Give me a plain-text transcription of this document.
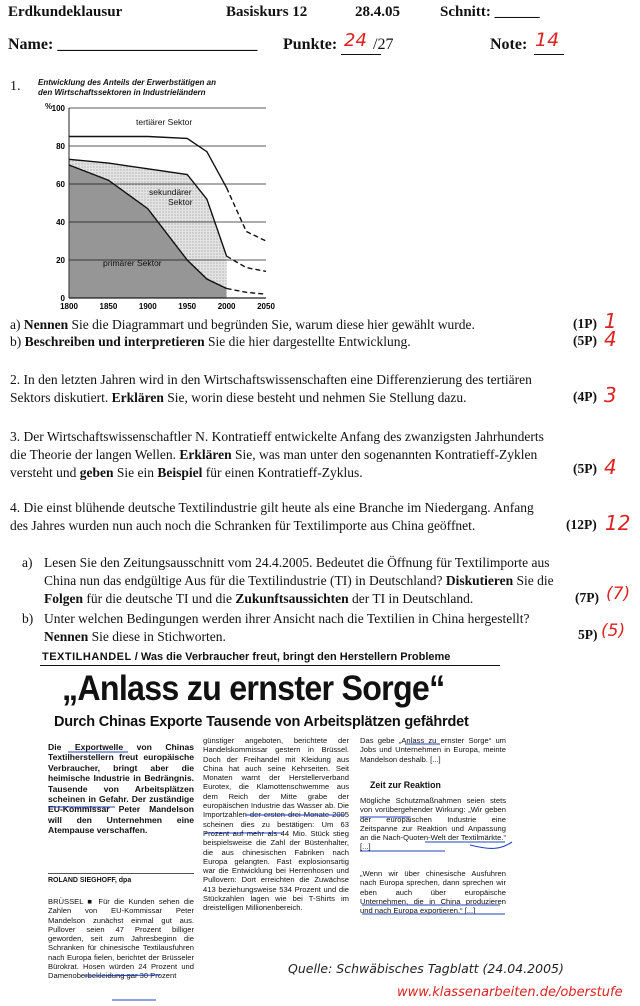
Erdkundeklausur	Basiskurs 12	28.4.05	Schnitt: ______
Name: _________________________ Punkte: 24 /27	Note: 14
1. Entwicklung des Anteils der Erwerbstätigen an
den Wirtschaftssektoren in Industrieländern
0
20
40
60
80
100
1800	1850	1900	1950	2000	2050
%
tertiärer Sektor
sekundärer
Sektor
primärer Sektor
a) Nennen Sie die Diagrammart und begründen Sie, warum diese hier gewählt wurde.	(1P) 1
b) Beschreiben und interpretieren Sie die hier dargestellte Entwicklung.	(5P) 4
2. In den letzten Jahren wird in den Wirtschaftswissenschaften eine Differenzierung des tertiären
Sektors diskutiert. Erklären Sie, worin diese besteht und nehmen Sie Stellung dazu.	(4P) 3
3. Der Wirtschaftswissenschaftler N. Kontratieff entwickelte Anfang des zwanzigsten Jahrhunderts
die Theorie der langen Wellen. Erklären Sie, was man unter den sogenannten Kontratieff-Zyklen
versteht und geben Sie ein Beispiel für einen Kontratieff-Zyklus.	(5P) 4
4. Die einst blühende deutsche Textilindustrie gilt heute als eine Branche im Niedergang. Anfang
des Jahres wurden nun auch noch die Schranken für Textilimporte aus China geöffnet.	(12P) 12
a) Lesen Sie den Zeitungsausschnitt vom 24.4.2005. Bedeutet die Öffnung für Textilimporte aus
China nun das endgültige Aus für die Textilindustrie (TI) in Deutschland? Diskutieren Sie die
Folgen für die deutsche TI und die Zukunftsaussichten der TI in Deutschland.	(7P) (7)
b) Unter welchen Bedingungen werden ihrer Ansicht nach die Textilien in China hergestellt?
Nennen Sie diese in Stichworten.	5P) (5)
TEXTILHANDEL / Was die Verbraucher freut, bringt den Herstellern Probleme
„Anlass zu ernster Sorge“
Durch Chinas Exporte Tausende von Arbeitsplätzen gefährdet
Die Exportwelle von Chinas Textilherstellern freut europäische Verbraucher, bringt aber die heimische Industrie in Bedrängnis. Tausende von Arbeitsplätzen scheinen in Gefahr. Der zuständige EU-Kommissar Peter Mandelson will den Unternehmen eine Atempause verschaffen.
ROLAND SIEGHOFF, dpa
BRÜSSEL ■ Für die Kunden sehen die Zahlen von EU-Kommissar Peter Mandelson zunächst einmal gut aus. Pullover seien 47 Prozent billiger geworden, seit zum Jahresbeginn die Schranken für chinesische Textilausfuhren nach Europa fielen, berichtet der Brüsseler Bürokrat. Hosen würden 24 Prozent und Damenoberbekleidung gar 30 Prozent
günstiger angeboten, berichtete der Handelskommissar gestern in Brüssel. Doch der Freihandel mit Kleidung aus China hat auch seine Kehrseiten. Seit Monaten warnt der Herstellerverband Eurotex, die Klamottenschwemme aus dem Reich der Mitte grabe der europäischen Industrie das Wasser ab. Die Importzahlen der ersten drei Monate 2005 scheinen dies zu bestätigen: Um 63 Prozent auf mehr als 44 Mio. Stück stieg beispielsweise die Zahl der Büstenhalter, die aus chinesischen Fabriken nach Europa gelangten. Fast explosionsartig war die Entwicklung bei Herrenhosen und Pullovern: Dort erreichten die Zuwächse 413 beziehungsweise 534 Prozent und die Stückzahlen lagen wie bei T-Shirts im dreistelligen Millionenbereich.
Das gebe „Anlass zu ernster Sorge“ um Jobs und Unternehmen in Europa, meinte Mandelson deshalb. [...]
Zeit zur Reaktion
Mögliche Schutzmaßnahmen seien stets von vorübergehender Wirkung: „Wir geben der europäischen Industrie eine Zeitspanne zur Reaktion und Anpassung an die Nach-Quoten-Welt der Textilmärkte.“ [...]
„Wenn wir über chinesische Ausfuhren nach Europa sprechen, dann sprechen wir eben auch über europäische Unternehmen, die in China produzieren und nach Europa exportieren.“ [...]
Quelle: Schwäbisches Tagblatt (24.04.2005)
www.klassenarbeiten.de/oberstufe
